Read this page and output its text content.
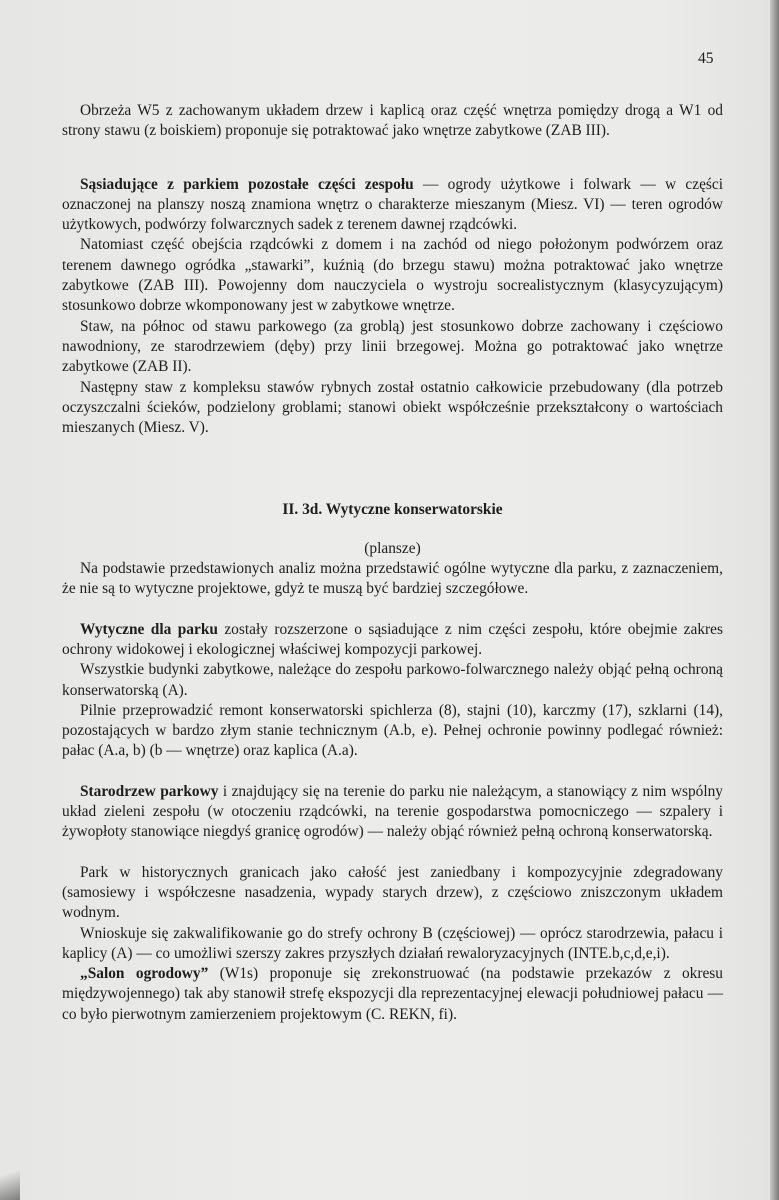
45

Obrzeża W5 z zachowanym układem drzew i kaplicą oraz część wnętrza pomiędzy drogą a W1 od strony stawu (z boiskiem) proponuje się potraktować jako wnętrze zabytkowe (ZAB III).

Sąsiadujące z parkiem pozostałe części zespołu — ogrody użytkowe i folwark — w części oznaczonej na planszy noszą znamiona wnętrz o charakterze mieszanym (Miesz. VI) — teren ogrodów użytkowych, podwórzy folwarcznych sadek z terenem dawnej rządcówki.

Natomiast część obejścia rządcówki z domem i na zachód od niego położonym podwórzem oraz terenem dawnego ogródka „stawarki”, kuźnią (do brzegu stawu) można potraktować jako wnętrze zabytkowe (ZAB III). Powojenny dom nauczyciela o wystroju socrealistycznym (klasycyzującym) stosunkowo dobrze wkomponowany jest w zabytkowe wnętrze.

Staw, na północ od stawu parkowego (za groblą) jest stosunkowo dobrze zachowany i częściowo nawodniony, ze starodrzewiem (dęby) przy linii brzegowej. Można go potraktować jako wnętrze zabytkowe (ZAB II).

Następny staw z kompleksu stawów rybnych został ostatnio całkowicie przebudowany (dla potrzeb oczyszczalni ścieków, podzielony groblami; stanowi obiekt współcześnie przekształcony o wartościach mieszanych (Miesz. V).

II. 3d. Wytyczne konserwatorskie

(plansze)

Na podstawie przedstawionych analiz można przedstawić ogólne wytyczne dla parku, z zaznaczeniem, że nie są to wytyczne projektowe, gdyż te muszą być bardziej szczegółowe.

Wytyczne dla parku zostały rozszerzone o sąsiadujące z nim części zespołu, które obejmie zakres ochrony widokowej i ekologicznej właściwej kompozycji parkowej.

Wszystkie budynki zabytkowe, należące do zespołu parkowo-folwarcznego należy objąć pełną ochroną konserwatorską (A).

Pilnie przeprowadzić remont konserwatorski spichlerza (8), stajni (10), karczmy (17), szklarni (14), pozostających w bardzo złym stanie technicznym (A.b, e). Pełnej ochronie powinny podlegać również: pałac (A.a, b) (b — wnętrze) oraz kaplica (A.a).

Starodrzew parkowy i znajdujący się na terenie do parku nie należącym, a stanowiący z nim wspólny układ zieleni zespołu (w otoczeniu rządcówki, na terenie gospodarstwa pomocniczego — szpalery i żywopłoty stanowiące niegdyś granicę ogrodów) — należy objąć również pełną ochroną konserwatorską.

Park w historycznych granicach jako całość jest zaniedbany i kompozycyjnie zdegradowany (samosiewy i współczesne nasadzenia, wypady starych drzew), z częściowo zniszczonym układem wodnym.

Wnioskuje się zakwalifikowanie go do strefy ochrony B (częściowej) — oprócz starodrzewia, pałacu i kaplicy (A) — co umożliwi szerszy zakres przyszłych działań rewaloryzacyjnych (INTE.b,c,d,e,i).

„Salon ogrodowy” (W1s) proponuje się zrekonstruować (na podstawie przekazów z okresu międzywojennego) tak aby stanowił strefę ekspozycji dla reprezentacyjnej elewacji południowej pałacu — co było pierwotnym zamierzeniem projektowym (C. REKN, fi).
